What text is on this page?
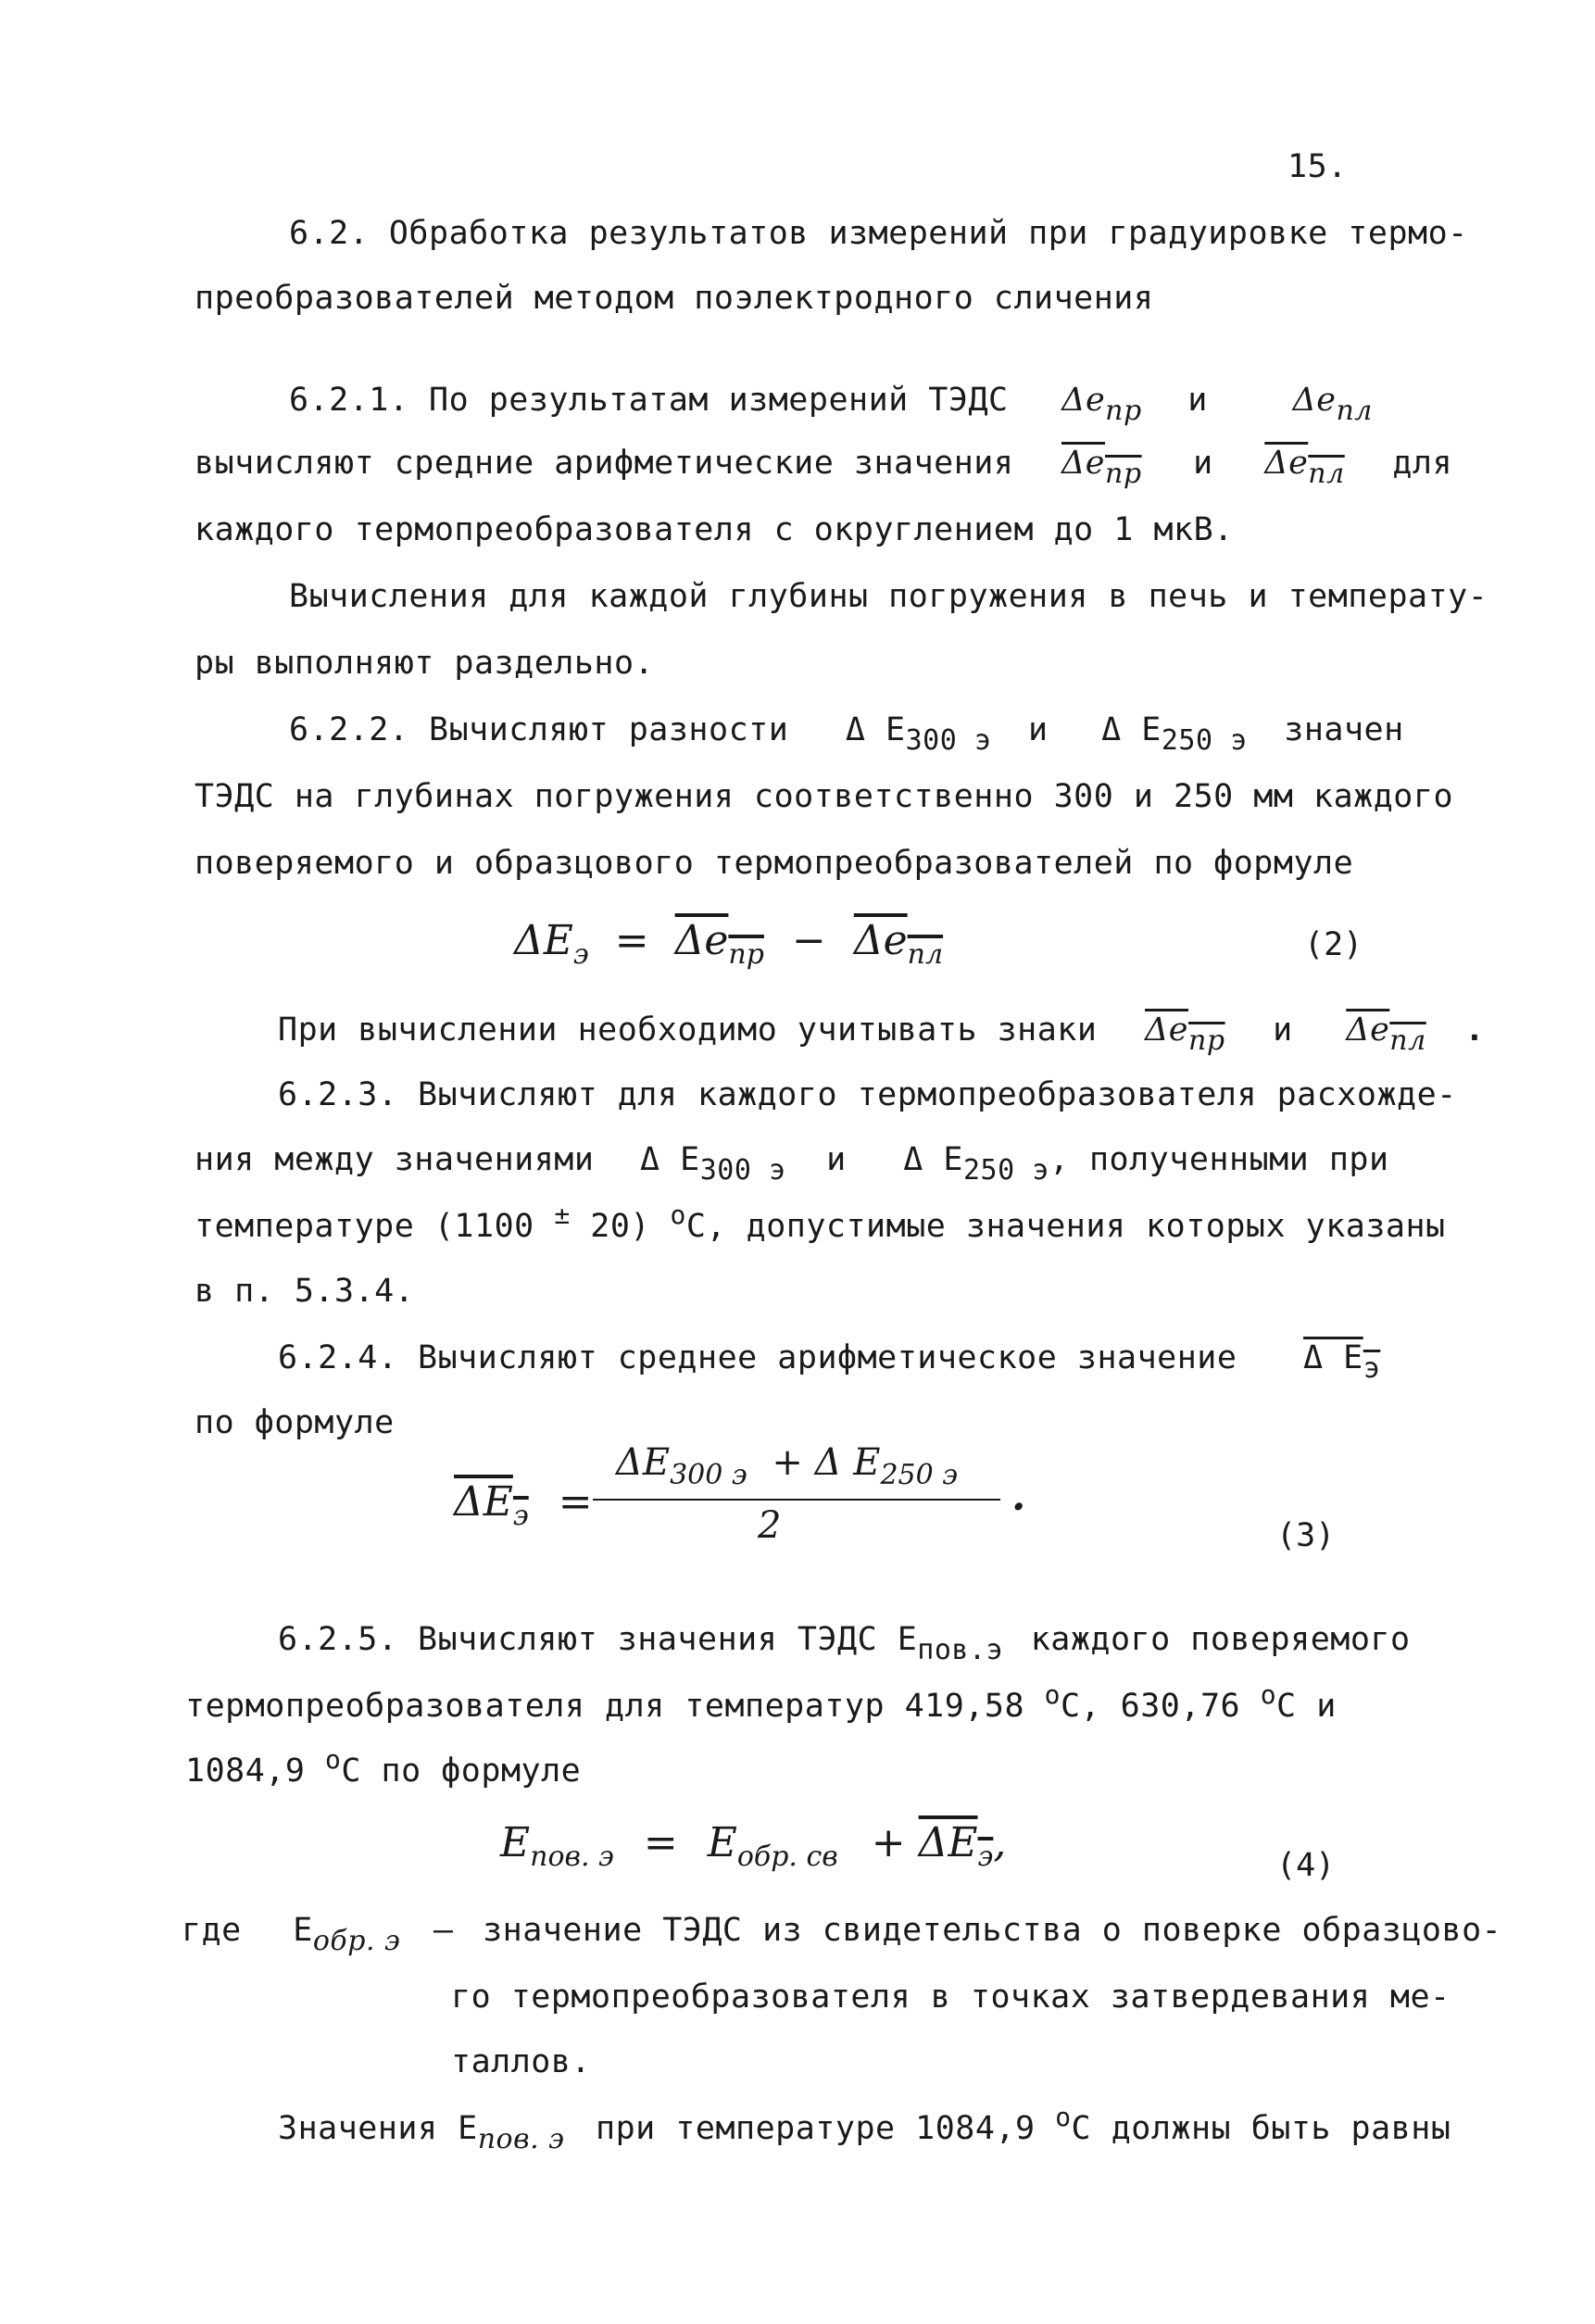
15.
6.2. Обработка результатов измерений при градуировке термо-
преобразователей методом поэлектродного сличения
6.2.1. По результатам измерений ТЭДС Δeпр и	Δeпл
вычисляют средние арифметические значения Δeпр и Δeпл для
каждого термопреобразователя с округлением до 1 мкВ.
Вычисления для каждой глубины погружения в печь и температу-
ры выполняют раздельно.
6.2.2. Вычисляют разности Δ E300 э и Δ E250 э значен
ТЭДС на глубинах погружения соответственно 300 и 250 мм каждого
поверяемого и образцового термопреобразователей по формуле
$\Delta E_э = \Delta e_{пр} - \Delta e_{пл}$	(2)
При вычислении необходимо учитывать знаки Δeпр и Δeпл .
6.2.3. Вычисляют для каждого термопреобразователя расхожде-
ния между значениями Δ E300 э и Δ E250 э, полученными при
температуре (1100 ± 20) $^о$С, допустимые значения которых указаны
в п. 5.3.4.
6.2.4. Вычисляют среднее арифметическое значение Δ Eэ
по формуле
$\Delta E_э$ =
$\Delta E_{300 э} + \Delta$ $E_{250 э}$
2
.
(3)
6.2.5. Вычисляют значения ТЭДС Eпов.э каждого поверяемого
термопреобразователя для температур 419,58 $^о$С, 630,76 $^о$С и
1084,9 $^о$С по формуле
$E_{пов. э} = E_{обр. св} + \Delta E_э$,	(4)
где Eобр. э – значение ТЭДС из свидетельства о поверке образцово-
го термопреобразователя в точках затвердевания ме-
таллов.
Значения Eпов. э при температуре 1084,9 $^о$С должны быть равны
